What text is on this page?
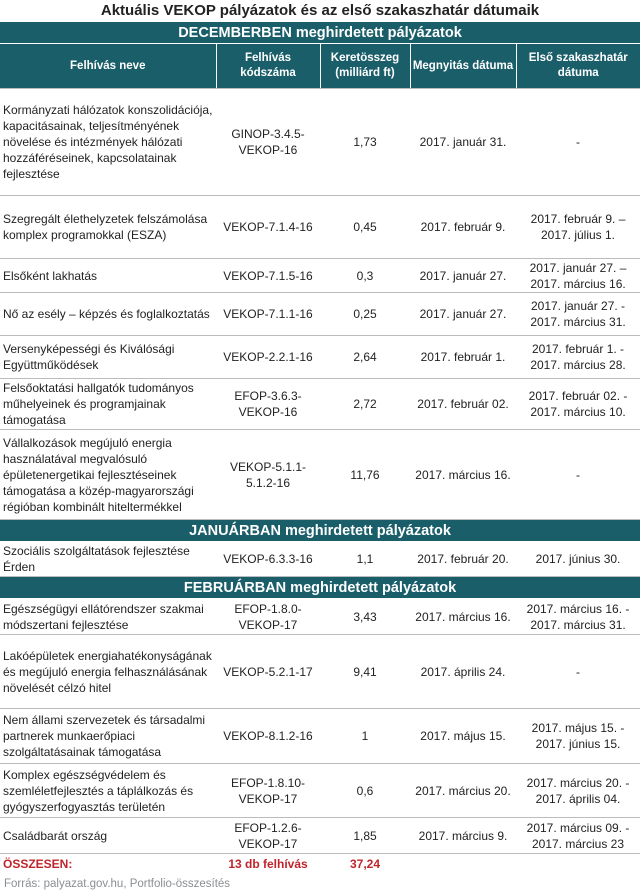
Aktuális VEKOP pályázatok és az első szakaszhatár dátumaik
DECEMBERBEN meghirdetett pályázatok				
Felhívás neve	Felhívás kódszáma	Keretösszeg (milliárd ft)	Megnyitás dátuma	Első szakaszhatár dátuma
Kormányzati hálózatok konszolidációja, kapacitásainak, teljesítményének növelése és intézmények hálózati hozzáféréseinek, kapcsolatainak fejlesztése	GINOP-3.4.5-VEKOP-16	1,73	2017. január 31.	-
Szegregált élethelyzetek felszámolása komplex programokkal (ESZA)	VEKOP-7.1.4-16	0,45	2017. február 9.	2017. február 9. – 2017. július 1.
Elsőként lakhatás	VEKOP-7.1.5-16	0,3	2017. január 27.	2017. január 27. – 2017. március 16.
Nő az esély – képzés és foglalkoztatás	VEKOP-7.1.1-16	0,25	2017. január 27.	2017. január 27. - 2017. március 31.
Versenyképességi és Kiválósági Együttműködések	VEKOP-2.2.1-16	2,64	2017. február 1.	2017. február 1. - 2017. március 28.
Felsőoktatási hallgatók tudományos műhelyeinek és programjainak támogatása	EFOP-3.6.3-VEKOP-16	2,72	2017. február 02.	2017. február 02. - 2017. március 10.
Vállalkozások megújuló energia használatával megvalósuló épületenergetikai fejlesztéseinek támogatása a közép-magyarországi régióban kombinált hiteltermékkel	VEKOP-5.1.1-5.1.2-16	11,76	2017. március 16.	-
JANUÁRBAN meghirdetett pályázatok				
Szociális szolgáltatások fejlesztése Érden	VEKOP-6.3.3-16	1,1	2017. február 20.	2017. június 30.
FEBRUÁRBAN meghirdetett pályázatok				
Egészségügyi ellátórendszer szakmai módszertani fejlesztése	EFOP-1.8.0-VEKOP-17	3,43	2017. március 16.	2017. március 16. - 2017. március 31.
Lakóépületek energiahatékonyságának és megújuló energia felhasználásának növelését célzó hitel	VEKOP-5.2.1-17	9,41	2017. április 24.	-
Nem állami szervezetek és társadalmi partnerek munkaerőpiaci szolgáltatásainak támogatása	VEKOP-8.1.2-16	1	2017. május 15.	2017. május 15. - 2017. június 15.
Komplex egészségvédelem és szemléletfejlesztés a táplálkozás és gyógyszerfogyasztás területén	EFOP-1.8.10-VEKOP-17	0,6	2017. március 20.	2017. március 20. - 2017. április 04.
Családbarát ország	EFOP-1.2.6-VEKOP-17	1,85	2017. március 9.	2017. március 09. - 2017. március 23
ÖSSZESEN:	13 db felhívás	37,24		
Forrás: palyazat.gov.hu, Portfolio-összesítés
